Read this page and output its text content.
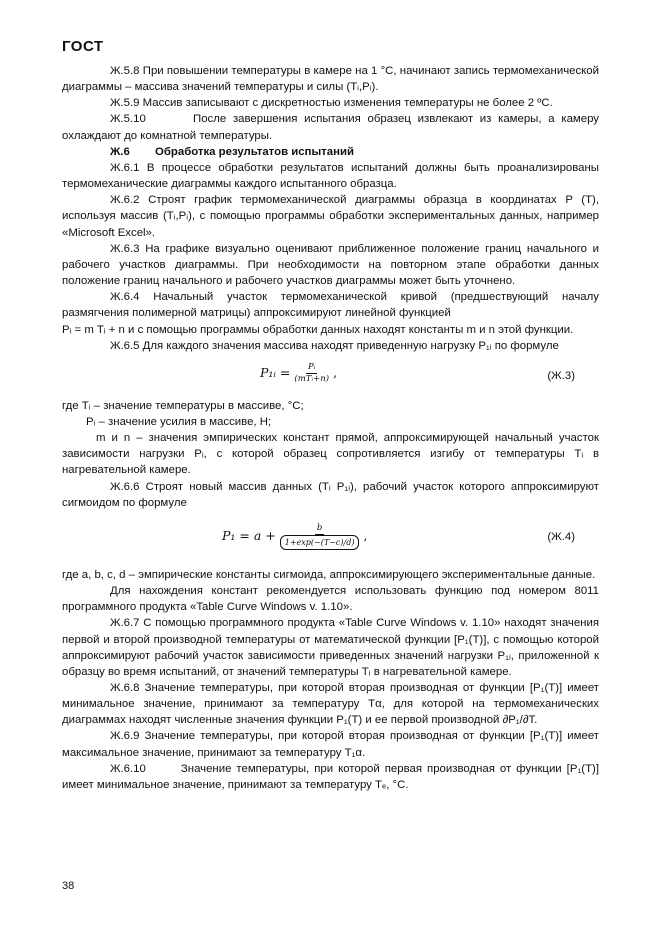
ГОСТ

Ж.5.8 При повышении температуры в камере на 1 °С, начинают запись термомеханической диаграммы – массива значений температуры и силы (Tᵢ,Pᵢ).

Ж.5.9 Массив записывают с дискретностью изменения температуры не более 2 ºС.

Ж.5.10       После завершения испытания образец извлекают из камеры, а камеру охлаждают до комнатной температуры.

Ж.6 Обработка результатов испытаний

Ж.6.1 В процессе обработки результатов испытаний должны быть проанализированы термомеханические диаграммы каждого испытанного образца.

Ж.6.2 Строят график термомеханической диаграммы образца в координатах P (T), используя массив (Tᵢ,Pᵢ), с помощью программы обработки экспериментальных данных, например «Microsoft Excel».

Ж.6.3 На графике визуально оценивают приближенное положение границ начального и рабочего участков диаграммы. При необходимости на повторном этапе обработки данных положение границ начального и рабочего участков диаграммы может быть уточнено.

Ж.6.4 Начальный участок термомеханической кривой (предшествующий началу размягчения полимерной матрицы) аппроксимируют линейной функцией

Pᵢ = m Tᵢ + n и с помощью программы обработки данных находят константы m и n этой функции.

Ж.6.5 Для каждого значения массива находят приведенную нагрузку P₁ᵢ по формуле

P₁ᵢ = $\frac{\text{Pᵢ}}{\text{(mTᵢ+n)}}$ ,	(Ж.3)

где Tᵢ – значение температуры в массиве, °С;

Pᵢ – значение усилия в массиве, Н;

m и n – значения эмпирических констант прямой, аппроксимирующей начальный участок зависимости нагрузки Pᵢ, с которой образец сопротивляется изгибу от температуры Tᵢ в нагревательной камере.

Ж.6.6 Строят новый массив данных (Tᵢ P₁ᵢ), рабочий участок которого аппроксимируют сигмоидом по формуле

$P_1 = a + \frac{b}{1+\exp(-(T-c)/d)}$ ,	(Ж.4)

где a, b, c, d – эмпирические константы сигмоида, аппроксимирующего экспериментальные данные.

Для нахождения констант рекомендуется использовать функцию под номером 8011 программного продукта «Table Curve Windows v. 1.10».

Ж.6.7 С помощью программного продукта «Table Curve Windows v. 1.10» находят значения первой и второй производной температуры от математической функции [P₁(T)], с помощью которой аппроксимируют рабочий участок зависимости приведенных значений нагрузки P₁ᵢ, приложенной к образцу во время испытаний, от значений температуры Tᵢ в нагревательной камере.

Ж.6.8 Значение температуры, при которой вторая производная от функции [P₁(T)] имеет минимальное значение, принимают за температуру Tα, для которой на термомеханических диаграммах находят численные значения функции P₁(T) и ее первой производной ∂P₁/∂T.

Ж.6.9 Значение температуры, при которой вторая производная от функции [P₁(T)] имеет максимальное значение, принимают за температуру T₁α.

Ж.6.10       Значение температуры, при которой первая производная от функции [P₁(T)] имеет минимальное значение, принимают за температуру Tₑ, °С.

38
